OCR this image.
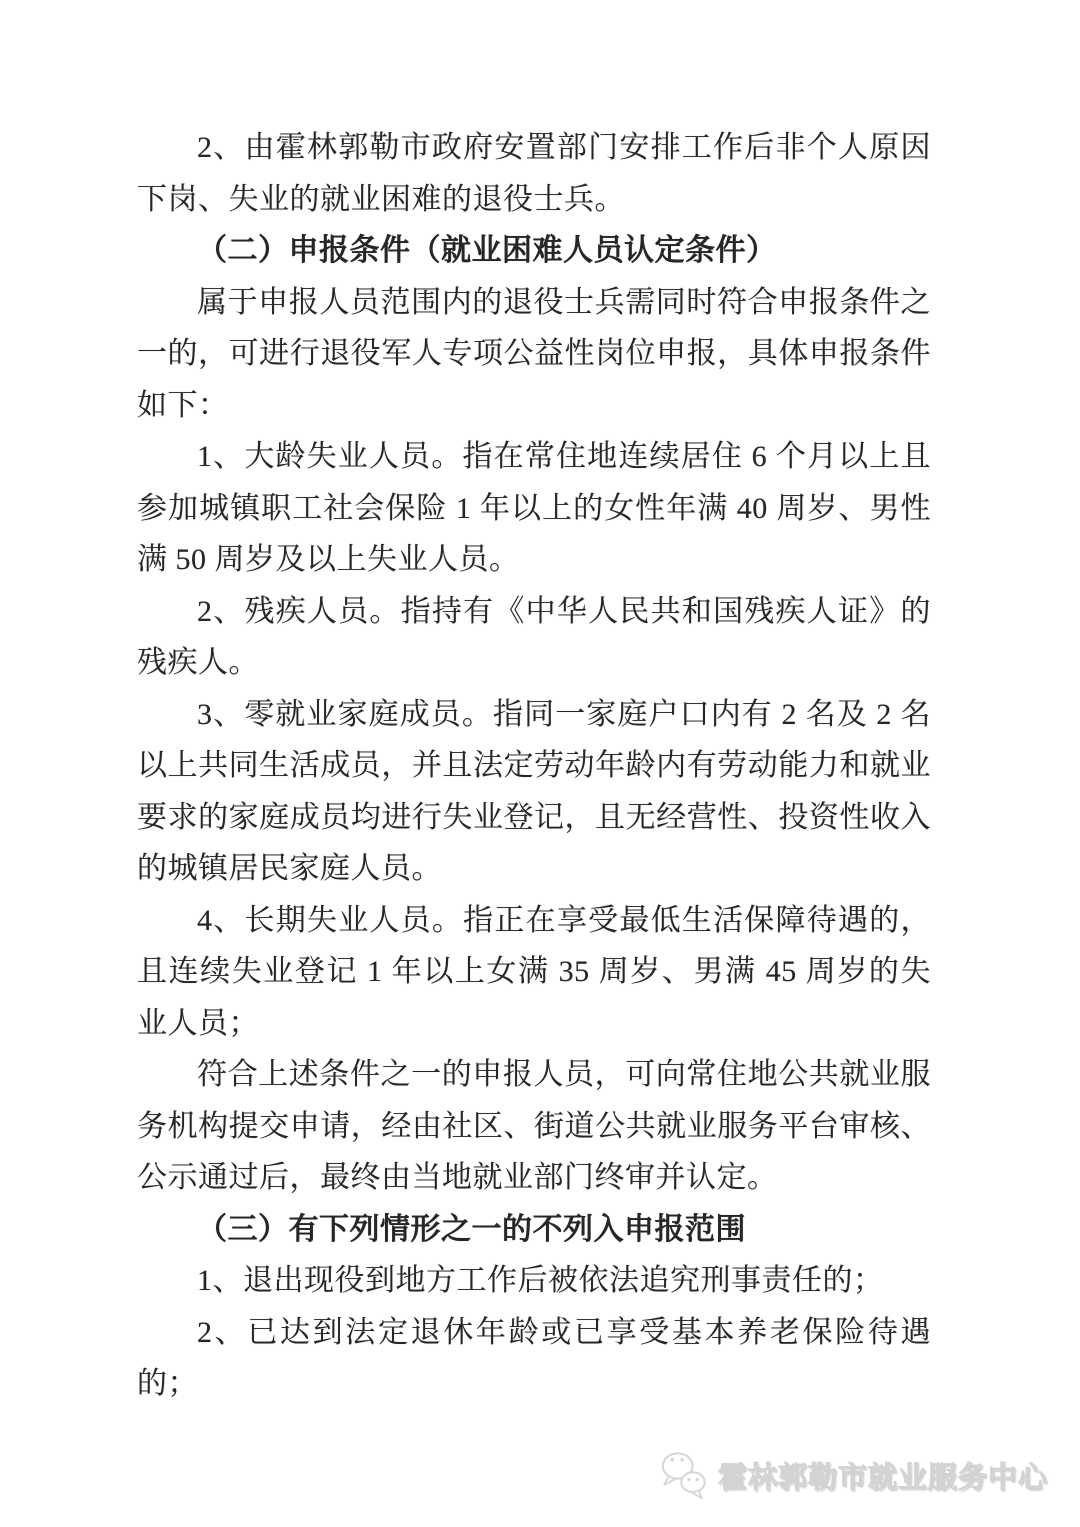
2、由霍林郭勒市政府安置部门安排工作后非个人原因下岗、失业的就业困难的退役士兵。

（二）申报条件（就业困难人员认定条件）

属于申报人员范围内的退役士兵需同时符合申报条件之一的，可进行退役军人专项公益性岗位申报，具体申报条件如下：

1、大龄失业人员。指在常住地连续居住 6 个月以上且参加城镇职工社会保险 1 年以上的女性年满 40 周岁、男性满 50 周岁及以上失业人员。

2、残疾人员。指持有《中华人民共和国残疾人证》的残疾人。

3、零就业家庭成员。指同一家庭户口内有 2 名及 2 名以上共同生活成员，并且法定劳动年龄内有劳动能力和就业要求的家庭成员均进行失业登记，且无经营性、投资性收入的城镇居民家庭人员。

4、长期失业人员。指正在享受最低生活保障待遇的，且连续失业登记 1 年以上女满 35 周岁、男满 45 周岁的失业人员；

符合上述条件之一的申报人员，可向常住地公共就业服务机构提交申请，经由社区、街道公共就业服务平台审核、公示通过后，最终由当地就业部门终审并认定。

（三）有下列情形之一的不列入申报范围

1、退出现役到地方工作后被依法追究刑事责任的；

2、已达到法定退休年龄或已享受基本养老保险待遇的；

霍林郭勒市就业服务中心
